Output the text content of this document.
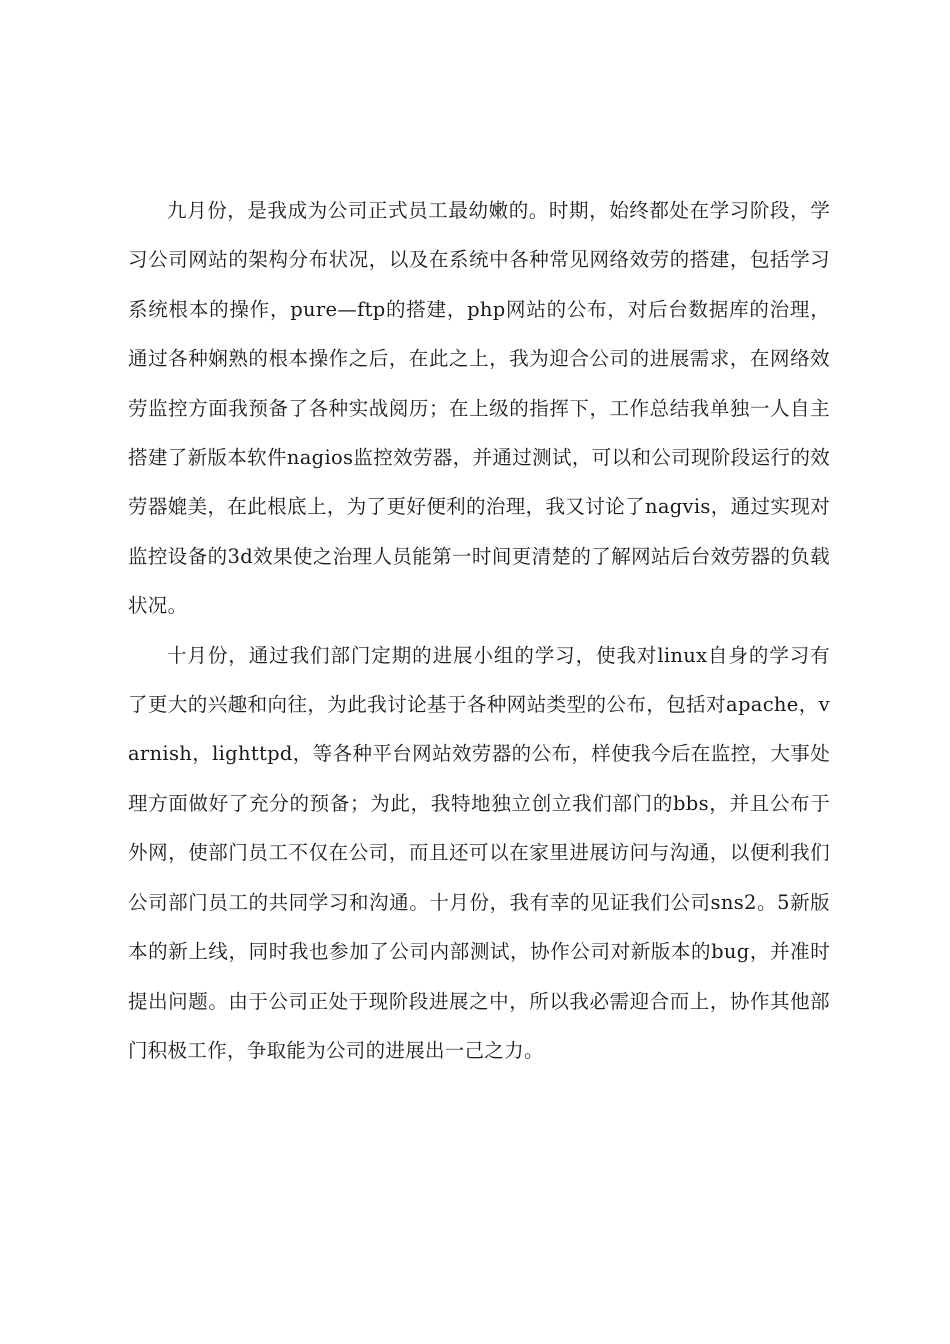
九月份，是我成为公司正式员工最幼嫩的。时期，始终都处在学习阶段，学习公司网站的架构分布状况，以及在系统中各种常见网络效劳的搭建，包括学习系统根本的操作，pure—ftp的搭建，php网站的公布，对后台数据库的治理，通过各种娴熟的根本操作之后，在此之上，我为迎合公司的进展需求，在网络效劳监控方面我预备了各种实战阅历；在上级的指挥下，工作总结我单独一人自主搭建了新版本软件nagios监控效劳器，并通过测试，可以和公司现阶段运行的效劳器媲美，在此根底上，为了更好便利的治理，我又讨论了nagvis，通过实现对监控设备的3d效果使之治理人员能第一时间更清楚的了解网站后台效劳器的负载状况。

十月份，通过我们部门定期的进展小组的学习，使我对linux自身的学习有了更大的兴趣和向往，为此我讨论基于各种网站类型的公布，包括对apache，varnish，lighttpd，等各种平台网站效劳器的公布，样使我今后在监控，大事处理方面做好了充分的预备；为此，我特地独立创立我们部门的bbs，并且公布于外网，使部门员工不仅在公司，而且还可以在家里进展访问与沟通，以便利我们公司部门员工的共同学习和沟通。十月份，我有幸的见证我们公司sns2。5新版本的新上线，同时我也参加了公司内部测试，协作公司对新版本的bug，并准时提出问题。由于公司正处于现阶段进展之中，所以我必需迎合而上，协作其他部门积极工作，争取能为公司的进展出一己之力。
